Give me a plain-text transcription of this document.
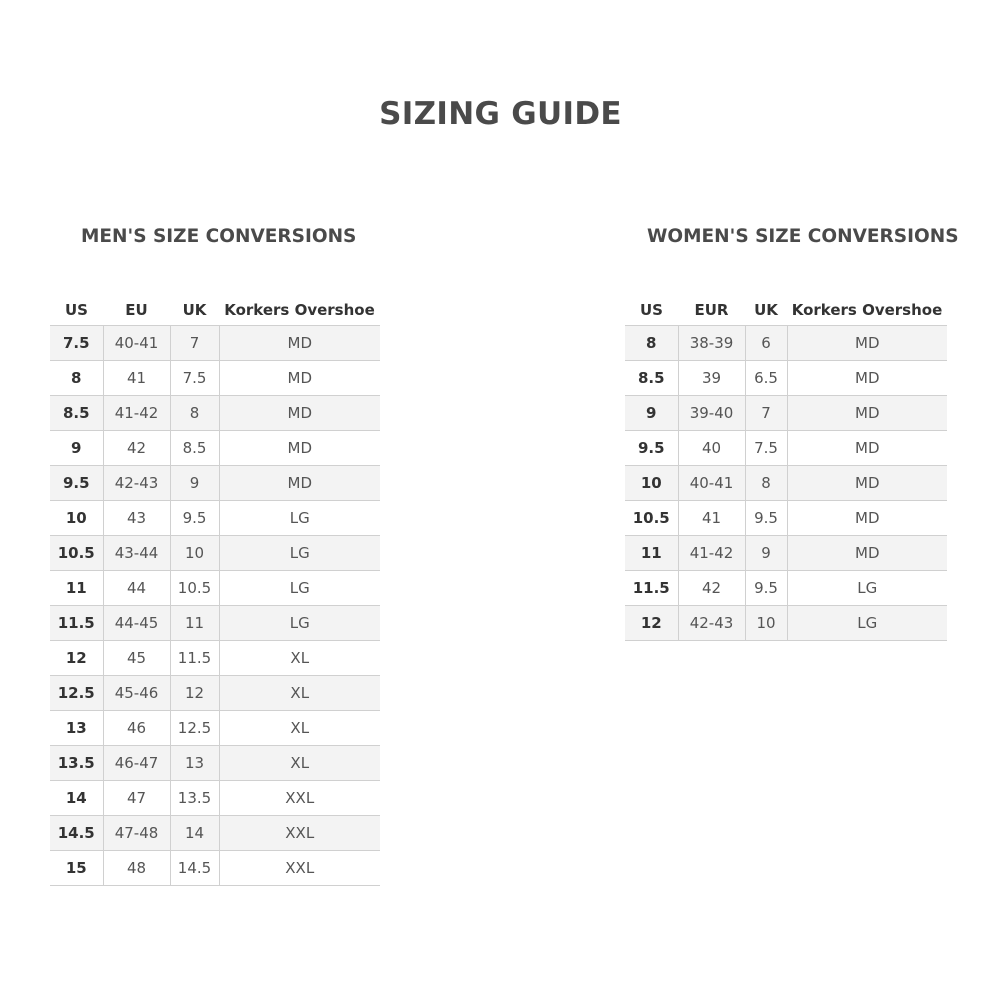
SIZING GUIDE
MEN'S SIZE CONVERSIONS
US	EU	UK	Korkers Overshoe
7.5	40-41	7	MD
8	41	7.5	MD
8.5	41-42	8	MD
9	42	8.5	MD
9.5	42-43	9	MD
10	43	9.5	LG
10.5	43-44	10	LG
11	44	10.5	LG
11.5	44-45	11	LG
12	45	11.5	XL
12.5	45-46	12	XL
13	46	12.5	XL
13.5	46-47	13	XL
14	47	13.5	XXL
14.5	47-48	14	XXL
15	48	14.5	XXL
WOMEN'S SIZE CONVERSIONS
US	EUR	UK	Korkers Overshoe
8	38-39	6	MD
8.5	39	6.5	MD
9	39-40	7	MD
9.5	40	7.5	MD
10	40-41	8	MD
10.5	41	9.5	MD
11	41-42	9	MD
11.5	42	9.5	LG
12	42-43	10	LG
